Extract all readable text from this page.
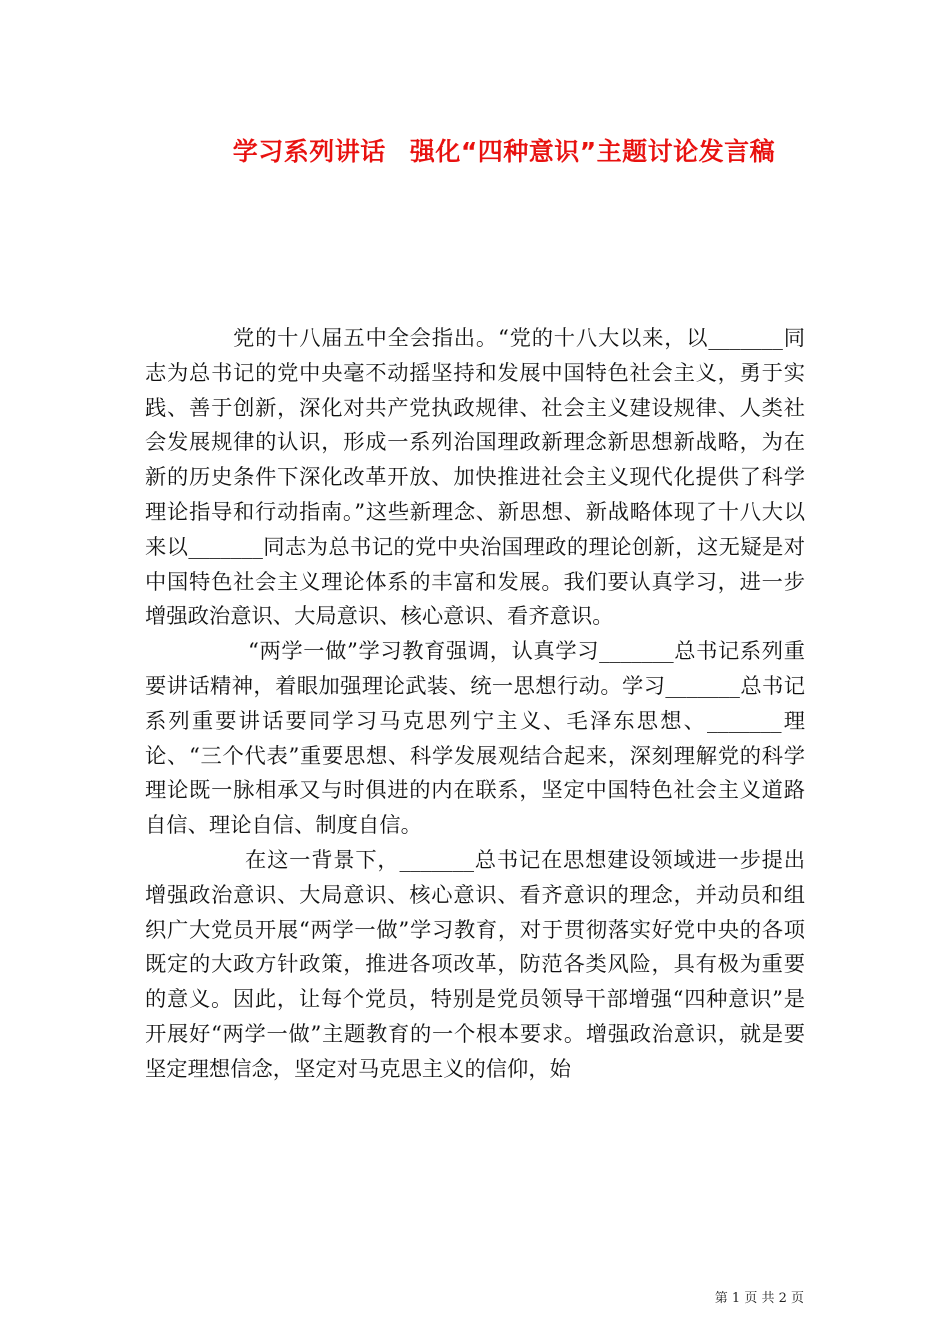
学习系列讲话 强化“四种意识”主题讨论发言稿

党的十八届五中全会指出。“党的十八大以来，以_______同志为总书记的党中央毫不动摇坚持和发展中国特色社会主义，勇于实践、善于创新，深化对共产党执政规律、社会主义建设规律、人类社会发展规律的认识，形成一系列治国理政新理念新思想新战略，为在新的历史条件下深化改革开放、加快推进社会主义现代化提供了科学理论指导和行动指南。”这些新理念、新思想、新战略体现了十八大以来以_______同志为总书记的党中央治国理政的理论创新，这无疑是对中国特色社会主义理论体系的丰富和发展。我们要认真学习，进一步增强政治意识、大局意识、核心意识、看齐意识。

“两学一做”学习教育强调，认真学习_______总书记系列重要讲话精神，着眼加强理论武装、统一思想行动。学习_______总书记系列重要讲话要同学习马克思列宁主义、毛泽东思想、_______理论、“三个代表”重要思想、科学发展观结合起来，深刻理解党的科学理论既一脉相承又与时俱进的内在联系，坚定中国特色社会主义道路自信、理论自信、制度自信。

在这一背景下，_______总书记在思想建设领域进一步提出增强政治意识、大局意识、核心意识、看齐意识的理念，并动员和组织广大党员开展“两学一做”学习教育，对于贯彻落实好党中央的各项既定的大政方针政策，推进各项改革，防范各类风险，具有极为重要的意义。因此，让每个党员，特别是党员领导干部增强“四种意识”是开展好“两学一做”主题教育的一个根本要求。增强政治意识，就是要坚定理想信念，坚定对马克思主义的信仰，始

第 1 页 共 2 页
